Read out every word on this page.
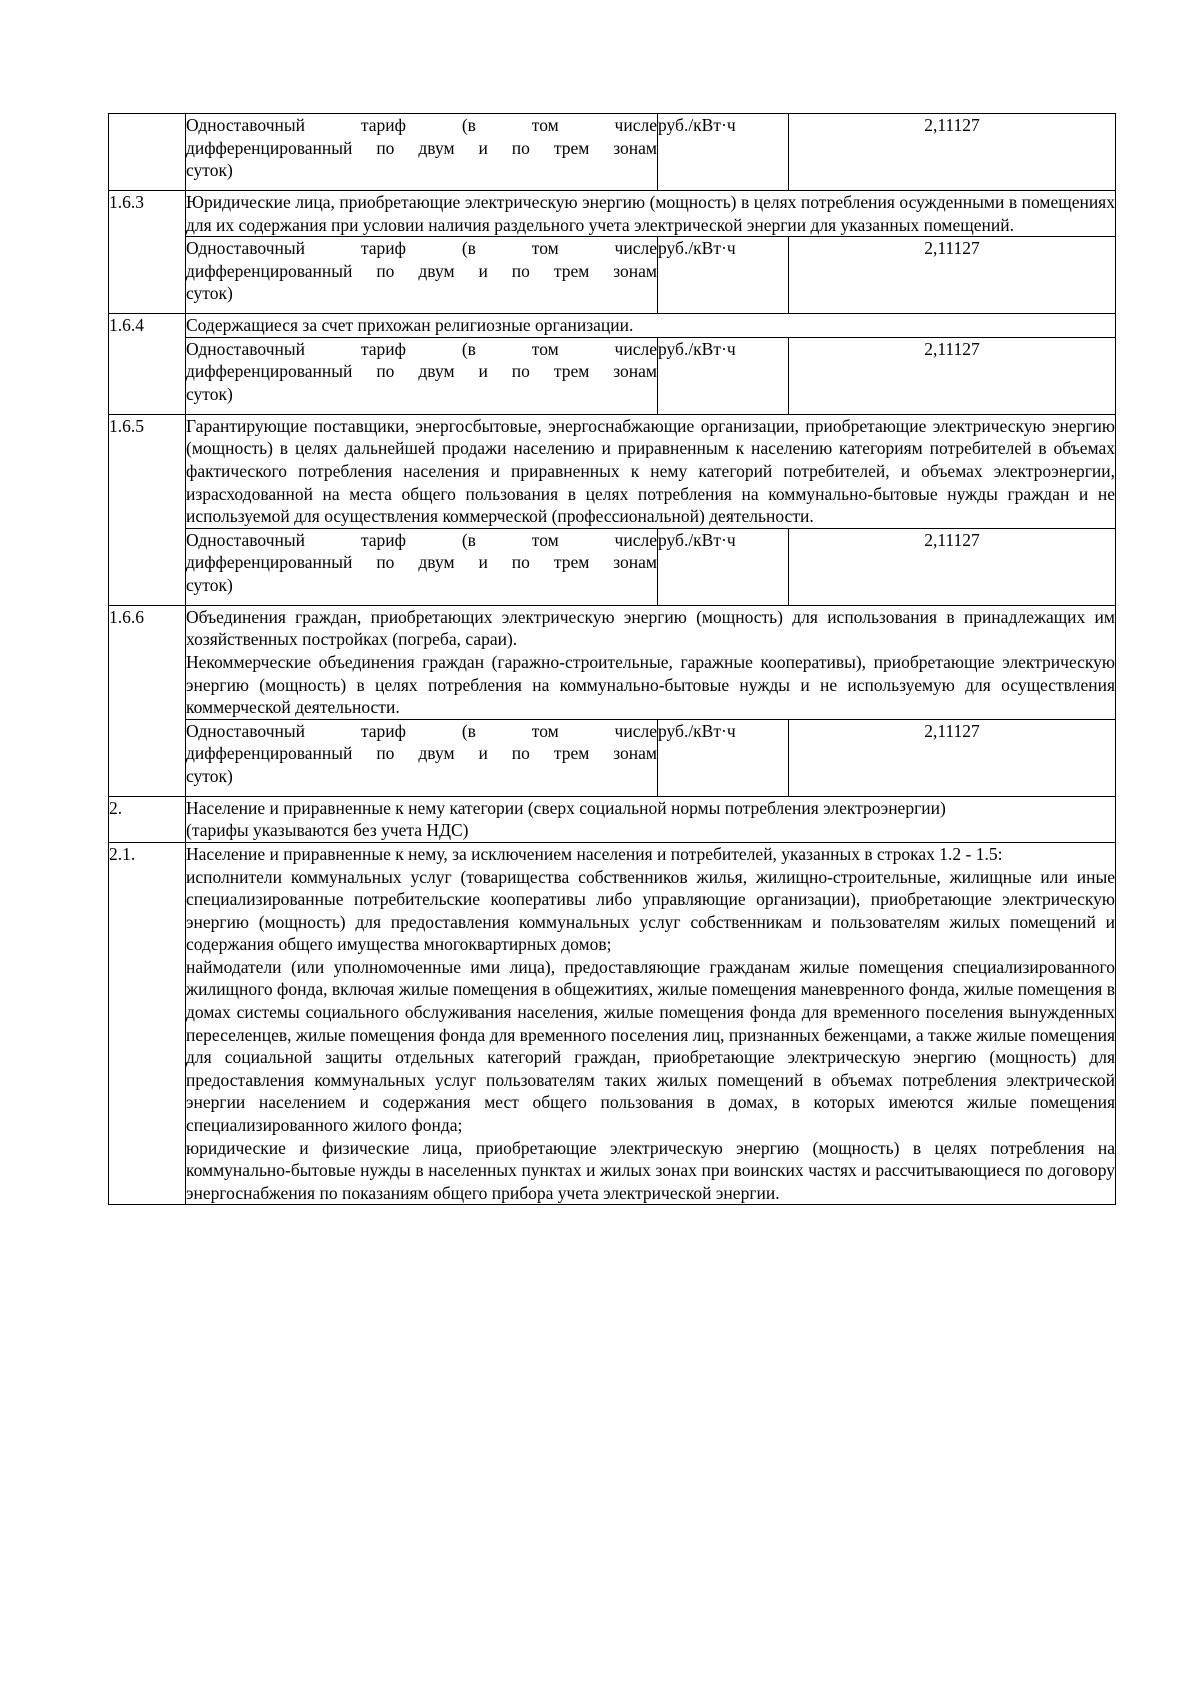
	Одноставочный тариф (в том числе
дифференцированный по двум и по трем зонам
суток)	руб./кВт·ч	2,11127
1.6.3	Юридические лица, приобретающие электрическую энергию (мощность) в целях потребления осужденными в помещениях для их содержания при условии наличия раздельного учета электрической энергии для указанных помещений.		

	Одноставочный тариф (в том числе
дифференцированный по двум и по трем зонам
суток)	руб./кВт·ч	2,11127
1.6.4	Содержащиеся за счет прихожан религиозные организации.		

	Одноставочный тариф (в том числе
дифференцированный по двум и по трем зонам
суток)	руб./кВт·ч	2,11127
1.6.5	Гарантирующие поставщики, энергосбытовые, энергоснабжающие организации, приобретающие электрическую энергию (мощность) в целях дальнейшей продажи населению и приравненным к населению категориям потребителей в объемах фактического потребления населения и приравненных к нему категорий потребителей, и объемах электроэнергии, израсходованной на места общего пользования в целях потребления на коммунально-бытовые нужды граждан и не используемой для осуществления коммерческой (профессиональной) деятельности.		

	Одноставочный тариф (в том числе
дифференцированный по двум и по трем зонам
суток)	руб./кВт·ч	2,11127
1.6.6	Объединения граждан, приобретающих электрическую энергию (мощность) для использования в принадлежащих им хозяйственных постройках (погреба, сараи).

Некоммерческие объединения граждан (гаражно-строительные, гаражные кооперативы), приобретающие электрическую энергию (мощность) в целях потребления на коммунально-бытовые нужды и не используемую для осуществления коммерческой деятельности.		

	Одноставочный тариф (в том числе
дифференцированный по двум и по трем зонам
суток)	руб./кВт·ч	2,11127
2.	Население и приравненные к нему категории (сверх социальной нормы потребления электроэнергии)

(тарифы указываются без учета НДС)		

2.1.	Население и приравненные к нему, за исключением населения и потребителей, указанных в строках 1.2 - 1.5:

исполнители коммунальных услуг (товарищества собственников жилья, жилищно-строительные, жилищные или иные специализированные потребительские кооперативы либо управляющие организации), приобретающие электрическую энергию (мощность) для предоставления коммунальных услуг собственникам и пользователям жилых помещений и содержания общего имущества многоквартирных домов;

наймодатели (или уполномоченные ими лица), предоставляющие гражданам жилые помещения специализированного жилищного фонда, включая жилые помещения в общежитиях, жилые помещения маневренного фонда, жилые помещения в домах системы социального обслуживания населения, жилые помещения фонда для временного поселения вынужденных переселенцев, жилые помещения фонда для временного поселения лиц, признанных беженцами, а также жилые помещения для социальной защиты отдельных категорий граждан, приобретающие электрическую энергию (мощность) для предоставления коммунальных услуг пользователям таких жилых помещений в объемах потребления электрической энергии населением и содержания мест общего пользования в домах, в которых имеются жилые помещения специализированного жилого фонда;

юридические и физические лица, приобретающие электрическую энергию (мощность) в целях потребления на коммунально-бытовые нужды в населенных пунктах и жилых зонах при воинских частях и рассчитывающиеся по договору энергоснабжения по показаниям общего прибора учета электрической энергии.		
